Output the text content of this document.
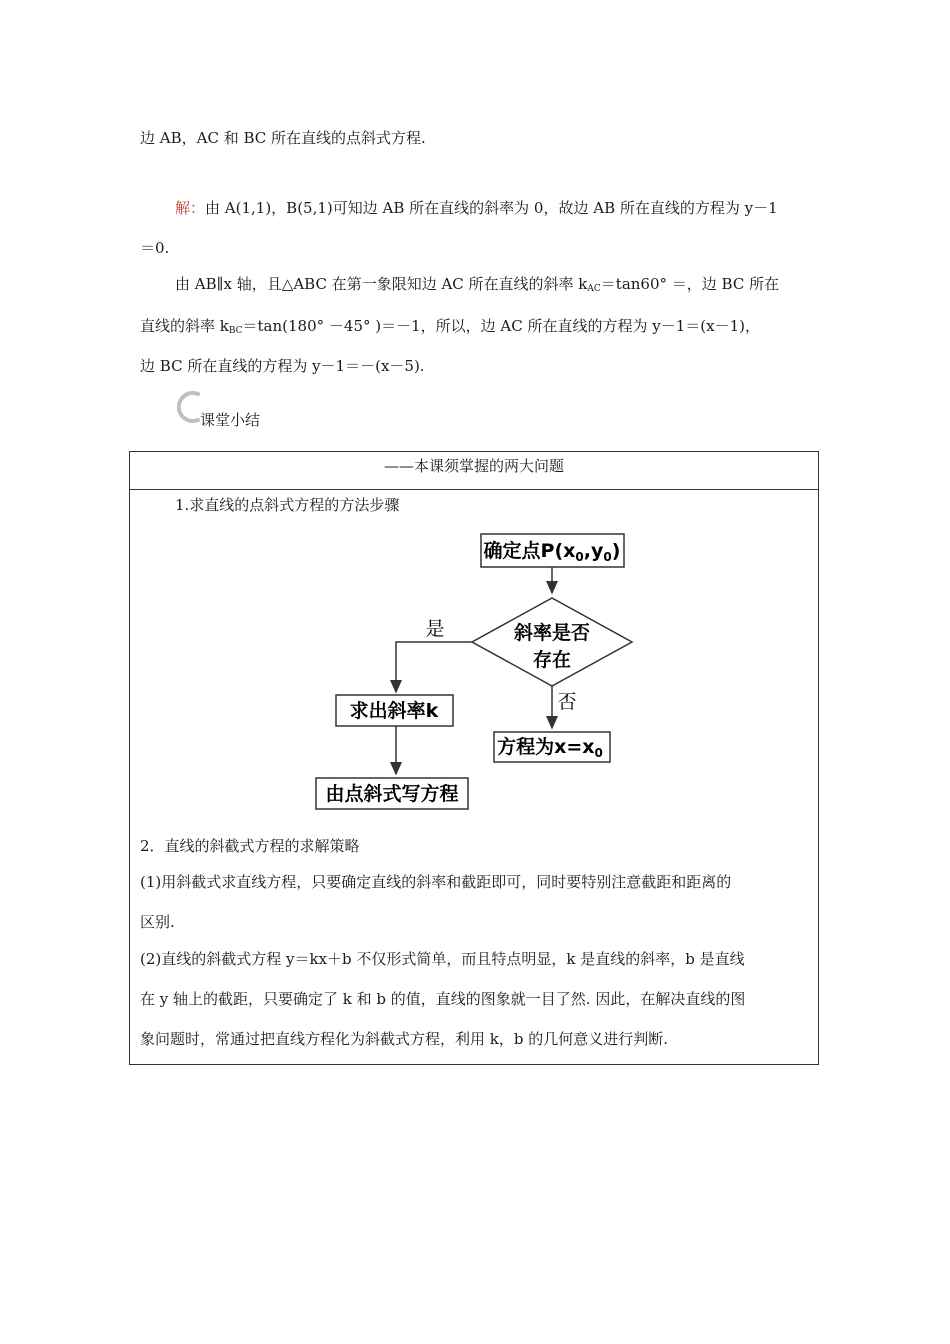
边 AB，AC 和 BC 所在直线的点斜式方程.
解：由 A(1,1)，B(5,1)可知边 AB 所在直线的斜率为 0，故边 AB 所在直线的方程为 y－1
＝0.
由 AB∥x 轴，且△ABC 在第一象限知边 AC 所在直线的斜率 $k_{AC}=\tan 60^\circ$ ＝，边 BC 所在
直线的斜率 $k_{BC}=\tan(180^\circ -45^\circ$ )＝－1，所以，边 AC 所在直线的方程为 y－1＝(x－1)，
边 BC 所在直线的方程为 y－1＝－(x－5).
课堂小结
——本课须掌握的两大问题
1.求直线的点斜式方程的方法步骤
确定点$P(x_0,y_0)$
斜率是否
存在
是
否
求出斜率k
方程为$x=x_0$
由点斜式写方程
2．直线的斜截式方程的求解策略
(1)用斜截式求直线方程，只要确定直线的斜率和截距即可，同时要特别注意截距和距离的
区别.
(2)直线的斜截式方程 y＝kx＋b 不仅形式简单，而且特点明显，k 是直线的斜率，b 是直线
在 y 轴上的截距，只要确定了 k 和 b 的值，直线的图象就一目了然. 因此，在解决直线的图
象问题时，常通过把直线方程化为斜截式方程，利用 k，b 的几何意义进行判断.
